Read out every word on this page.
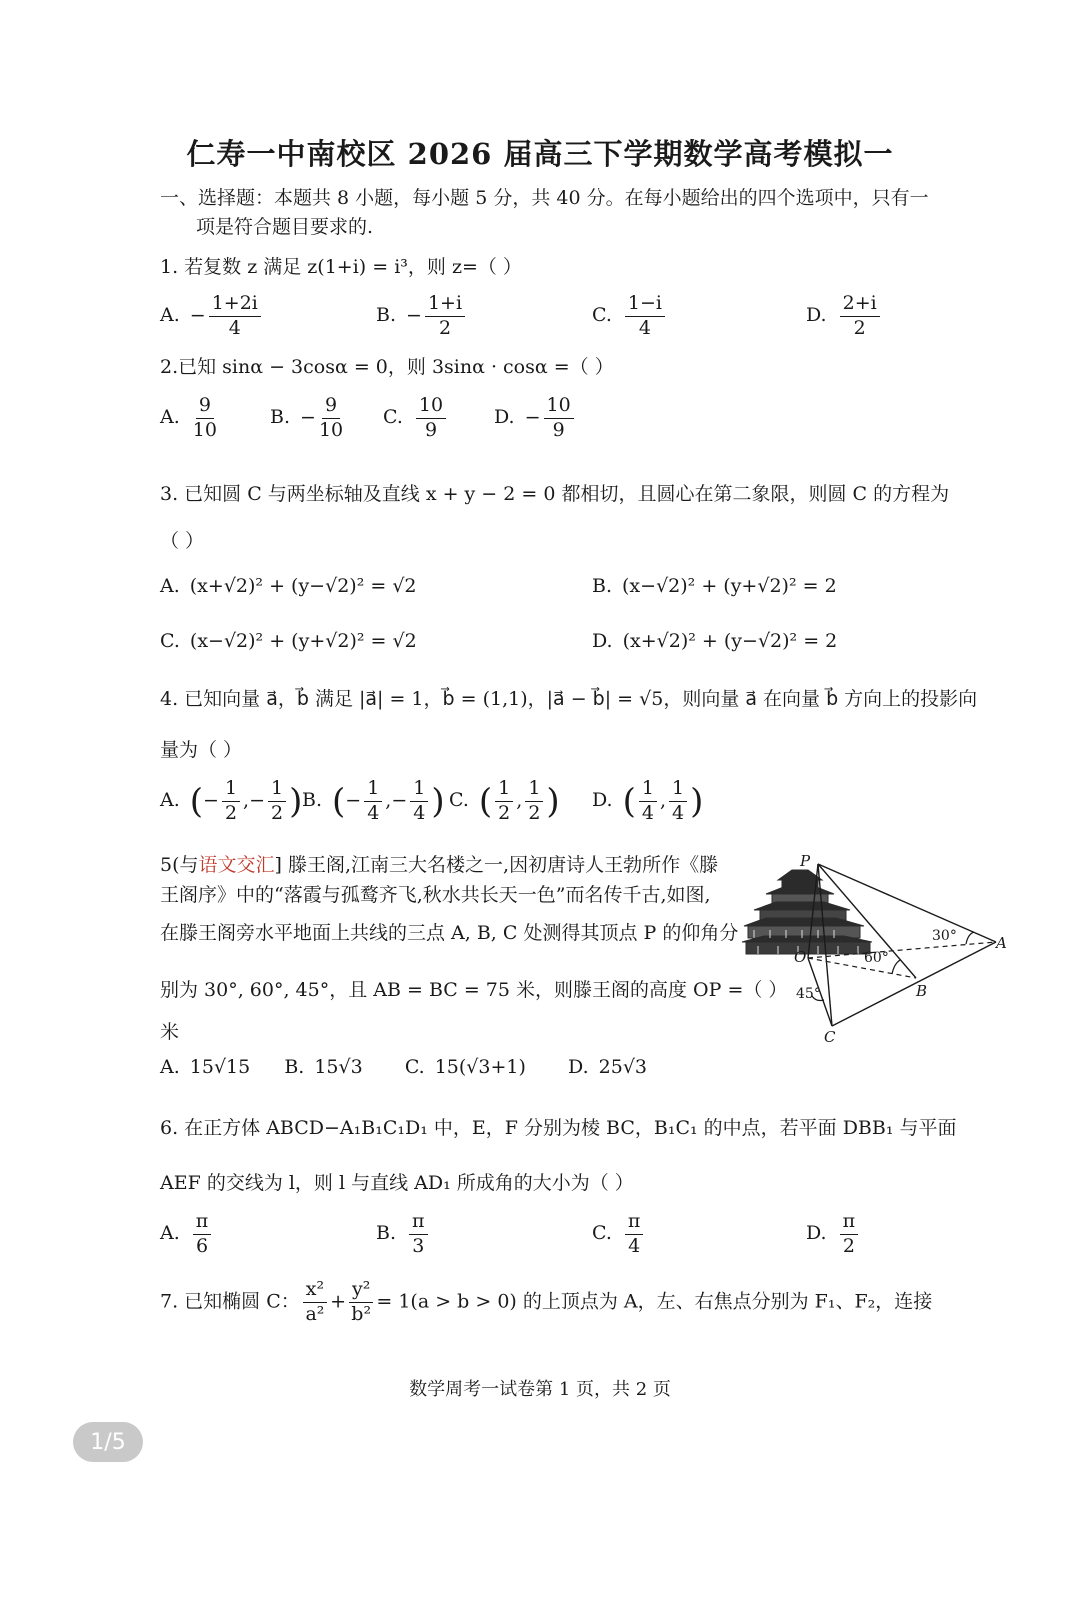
仁寿一中南校区 2026 届高三下学期数学高考模拟一
一、选择题：本题共 8 小题，每小题 5 分，共 40 分。在每小题给出的四个选项中，只有一
项是符合题目要求的.
1. 若复数 z 满足 z(1+i) = i³，则 z=（ ）
A. − $\frac{1+2i}{4}$	B. − $\frac{1+i}{2}$	C. $\frac{1-i}{4}$	D. $\frac{2+i}{2}$
2.已知 sinα − 3cosα = 0，则 3sinα · cosα =（ ）
A. $\frac{9}{10}$	B. − $\frac{9}{10} C$. $\frac{10}{9}$	D. − $\frac{10}{9}$
3. 已知圆 C 与两坐标轴及直线 x + y − 2 = 0 都相切，且圆心在第二象限，则圆 C 的方程为
（ ）
A. (x+√2)² + (y−√2)² = √2	B. (x−√2)² + (y+√2)² = 2
C. (x−√2)² + (y+√2)² = √2	D. (x+√2)² + (y−√2)² = 2
4. 已知向量 a⃗，b⃗ 满足 |a⃗| = 1，b⃗ = (1,1)，|a⃗ − b⃗| = √5，则向量 a⃗ 在向量 b⃗ 方向上的投影向
量为（ ）
A. (− $\frac{1}{2}$ ,− $\frac{1}{2}$ ) B. (− $\frac{1}{4}$ ,− $\frac{1}{4}$ ) C. ( $\frac{1}{2}$ , $\frac{1}{2}$ ) D. ( $\frac{1}{4}$ , $\frac{1}{4}$ )
5(与语文交汇] 滕王阁,江南三大名楼之一,因初唐诗人王勃所作《滕
王阁序》中的“落霞与孤鹜齐飞,秋水共长天一色”而名传千古,如图,
在滕王阁旁水平地面上共线的三点 A, B, C 处测得其顶点 P 的仰角分
别为 30°, 60°, 45°，且 AB = BC = 75 米，则滕王阁的高度 OP =（ ）
米
A. 15√15 B. 15√3 C. 15(√3+1) D. 25√3
P
O
A
B
C
30°
60°
45°
6. 在正方体 ABCD−A₁B₁C₁D₁ 中，E，F 分别为棱 BC，B₁C₁ 的中点，若平面 DBB₁ 与平面
AEF 的交线为 l，则 l 与直线 AD₁ 所成角的大小为（ ）
A. $\frac{\pi}{6}$	B. $\frac{\pi}{3}$	C. $\frac{\pi}{4}$	D. $\frac{\pi}{2}$
7. 已知椭圆 C： $\frac{\text{x²}}{\text{a²}} + \frac{\text{y²}}{\text{b²}} = 1(a > b > 0)$ 的上顶点为 A，左、右焦点分别为 F₁、F₂，连接
数学周考一试卷第 1 页，共 2 页
1/5
